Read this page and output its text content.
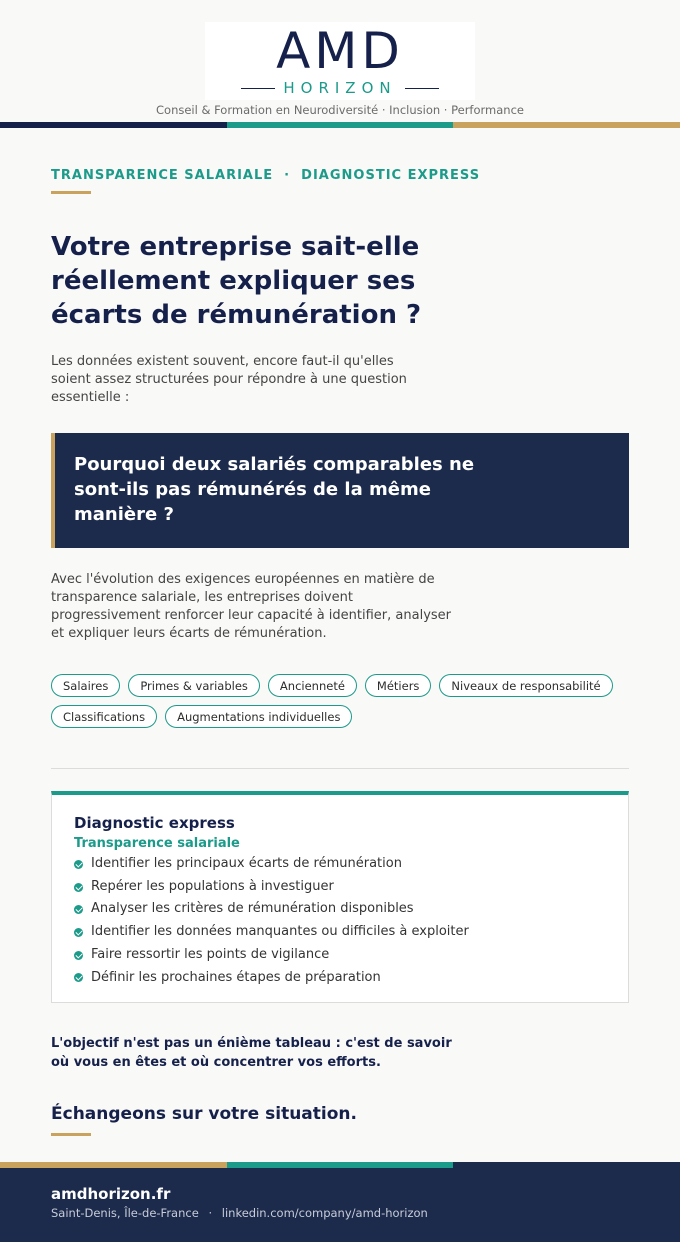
AMD
HORIZON
Conseil & Formation en Neurodiversité · Inclusion · Performance
TRANSPARENCE SALARIALE  ·  DIAGNOSTIC EXPRESS
Votre entreprise sait-elle réellement expliquer ses écarts de rémunération ?

Les données existent souvent, encore faut-il qu'elles soient assez structurées pour répondre à une question essentielle :

Pourquoi deux salariés comparables ne sont-ils pas rémunérés de la même manière ?

Avec l'évolution des exigences européennes en matière de transparence salariale, les entreprises doivent progressivement renforcer leur capacité à identifier, analyser et expliquer leurs écarts de rémunération.

Salaires	Primes & variables	Ancienneté	Métiers	Niveaux de responsabilité
Classifications	Augmentations individuelles
Diagnostic express
Transparence salariale
Identifier les principaux écarts de rémunération
Repérer les populations à investiguer
Analyser les critères de rémunération disponibles
Identifier les données manquantes ou difficiles à exploiter
Faire ressortir les points de vigilance
Définir les prochaines étapes de préparation

L'objectif n'est pas un énième tableau : c'est de savoir où vous en êtes et où concentrer vos efforts.

Échangeons sur votre situation.

amdhorizon.fr
Saint-Denis, Île-de-France · linkedin.com/company/amd-horizon
